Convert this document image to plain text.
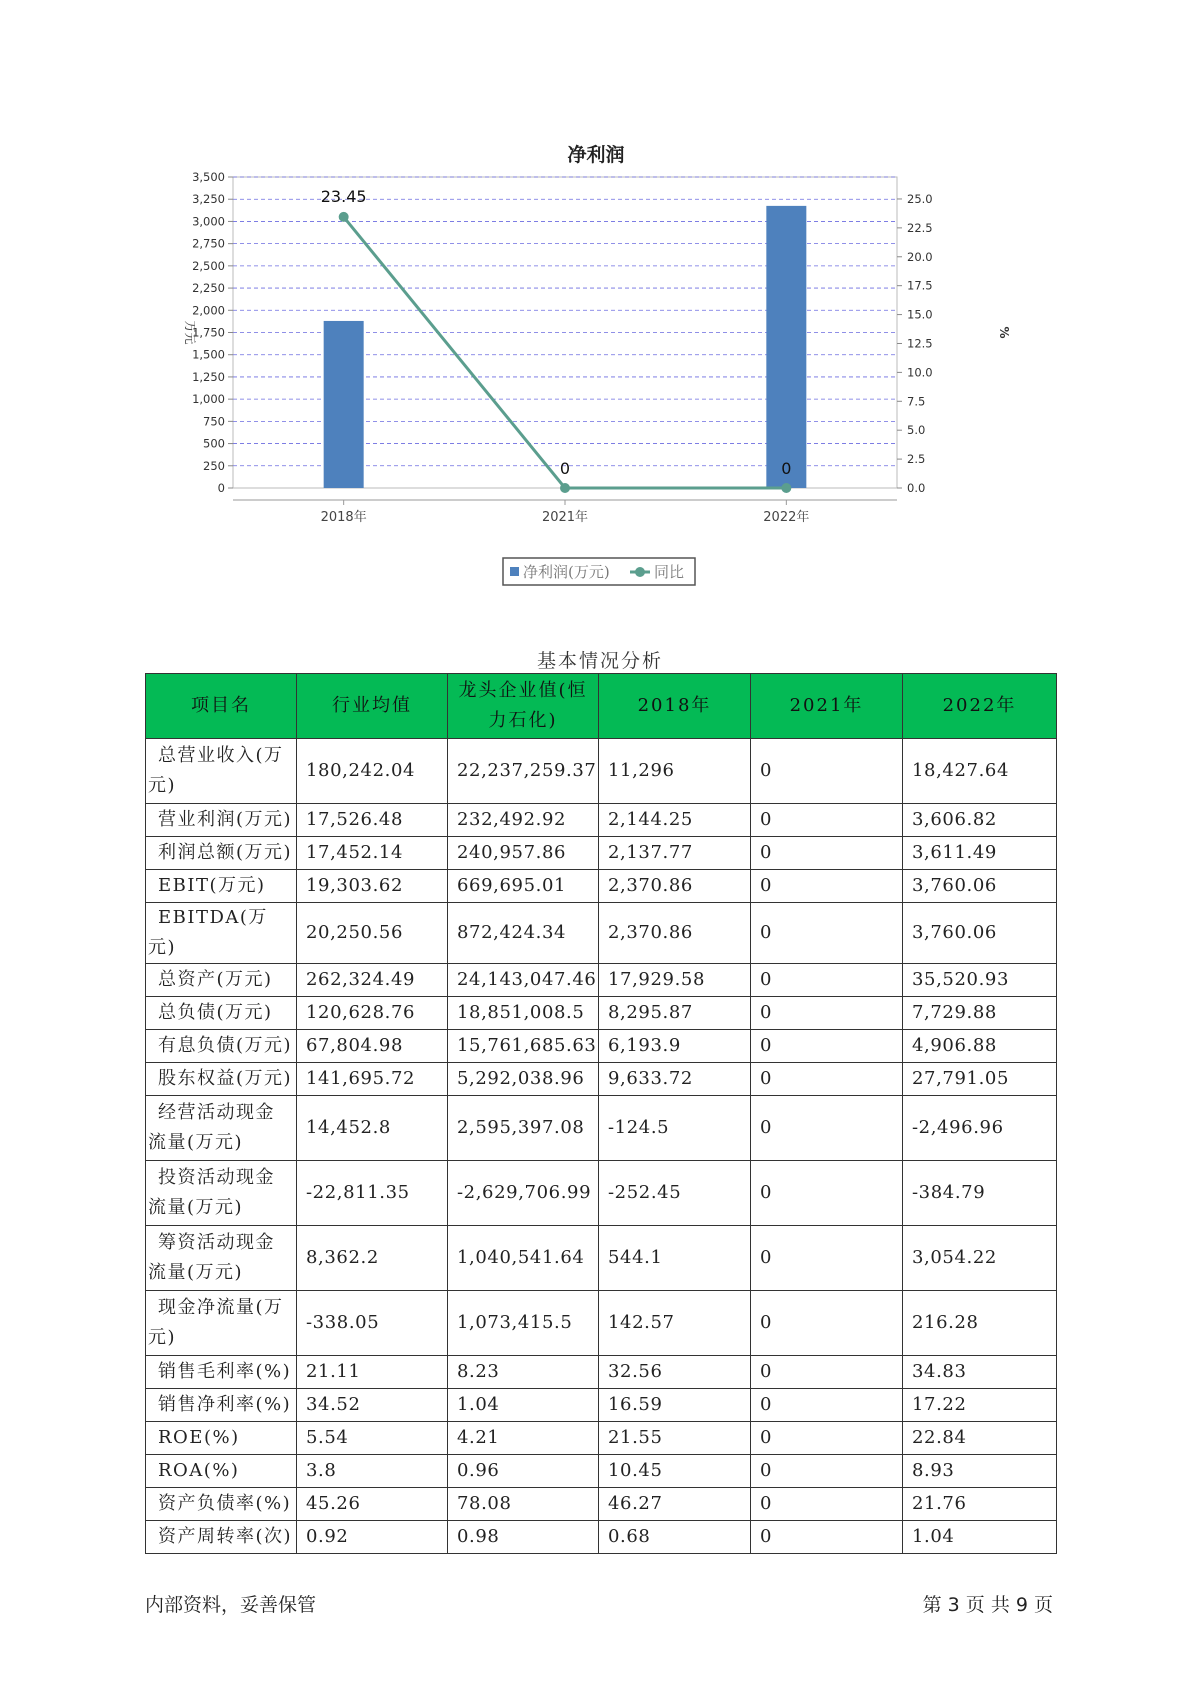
净利润
0
250
500
750
1,000
1,250
1,500
1,750
2,000
2,250
2,500
2,750
3,000
3,250
3,500
0.0
2.5
5.0
7.5
10.0
12.5
15.0
17.5
20.0
22.5
25.0
万元	%
2018年	2021年	2022年
23.45
0	0
净利润(万元)	同比
基本情况分析
项目名	行业均值	龙头企业值(恒力石化)	2018年	2021年	2022年
总营业收入(万元)	180,242.04	22,237,259.37	11,296	0	18,427.64
营业利润(万元)	17,526.48	232,492.92	2,144.25	0	3,606.82
利润总额(万元)	17,452.14	240,957.86	2,137.77	0	3,611.49
EBIT(万元)	19,303.62	669,695.01	2,370.86	0	3,760.06
EBITDA(万元)	20,250.56	872,424.34	2,370.86	0	3,760.06
总资产(万元)	262,324.49	24,143,047.46	17,929.58	0	35,520.93
总负债(万元)	120,628.76	18,851,008.5	8,295.87	0	7,729.88
有息负债(万元)	67,804.98	15,761,685.63	6,193.9	0	4,906.88
股东权益(万元)	141,695.72	5,292,038.96	9,633.72	0	27,791.05
经营活动现金流量(万元)	14,452.8	2,595,397.08	-124.5	0	-2,496.96
投资活动现金流量(万元)	-22,811.35	-2,629,706.99	-252.45	0	-384.79
筹资活动现金流量(万元)	8,362.2	1,040,541.64	544.1	0	3,054.22
现金净流量(万元)	-338.05	1,073,415.5	142.57	0	216.28
销售毛利率(%)	21.11	8.23	32.56	0	34.83
销售净利率(%)	34.52	1.04	16.59	0	17.22
ROE(%)	5.54	4.21	21.55	0	22.84
ROA(%)	3.8	0.96	10.45	0	8.93
资产负债率(%)	45.26	78.08	46.27	0	21.76
资产周转率(次)	0.92	0.98	0.68	0	1.04
内部资料，妥善保管	第 3 页 共 9 页
